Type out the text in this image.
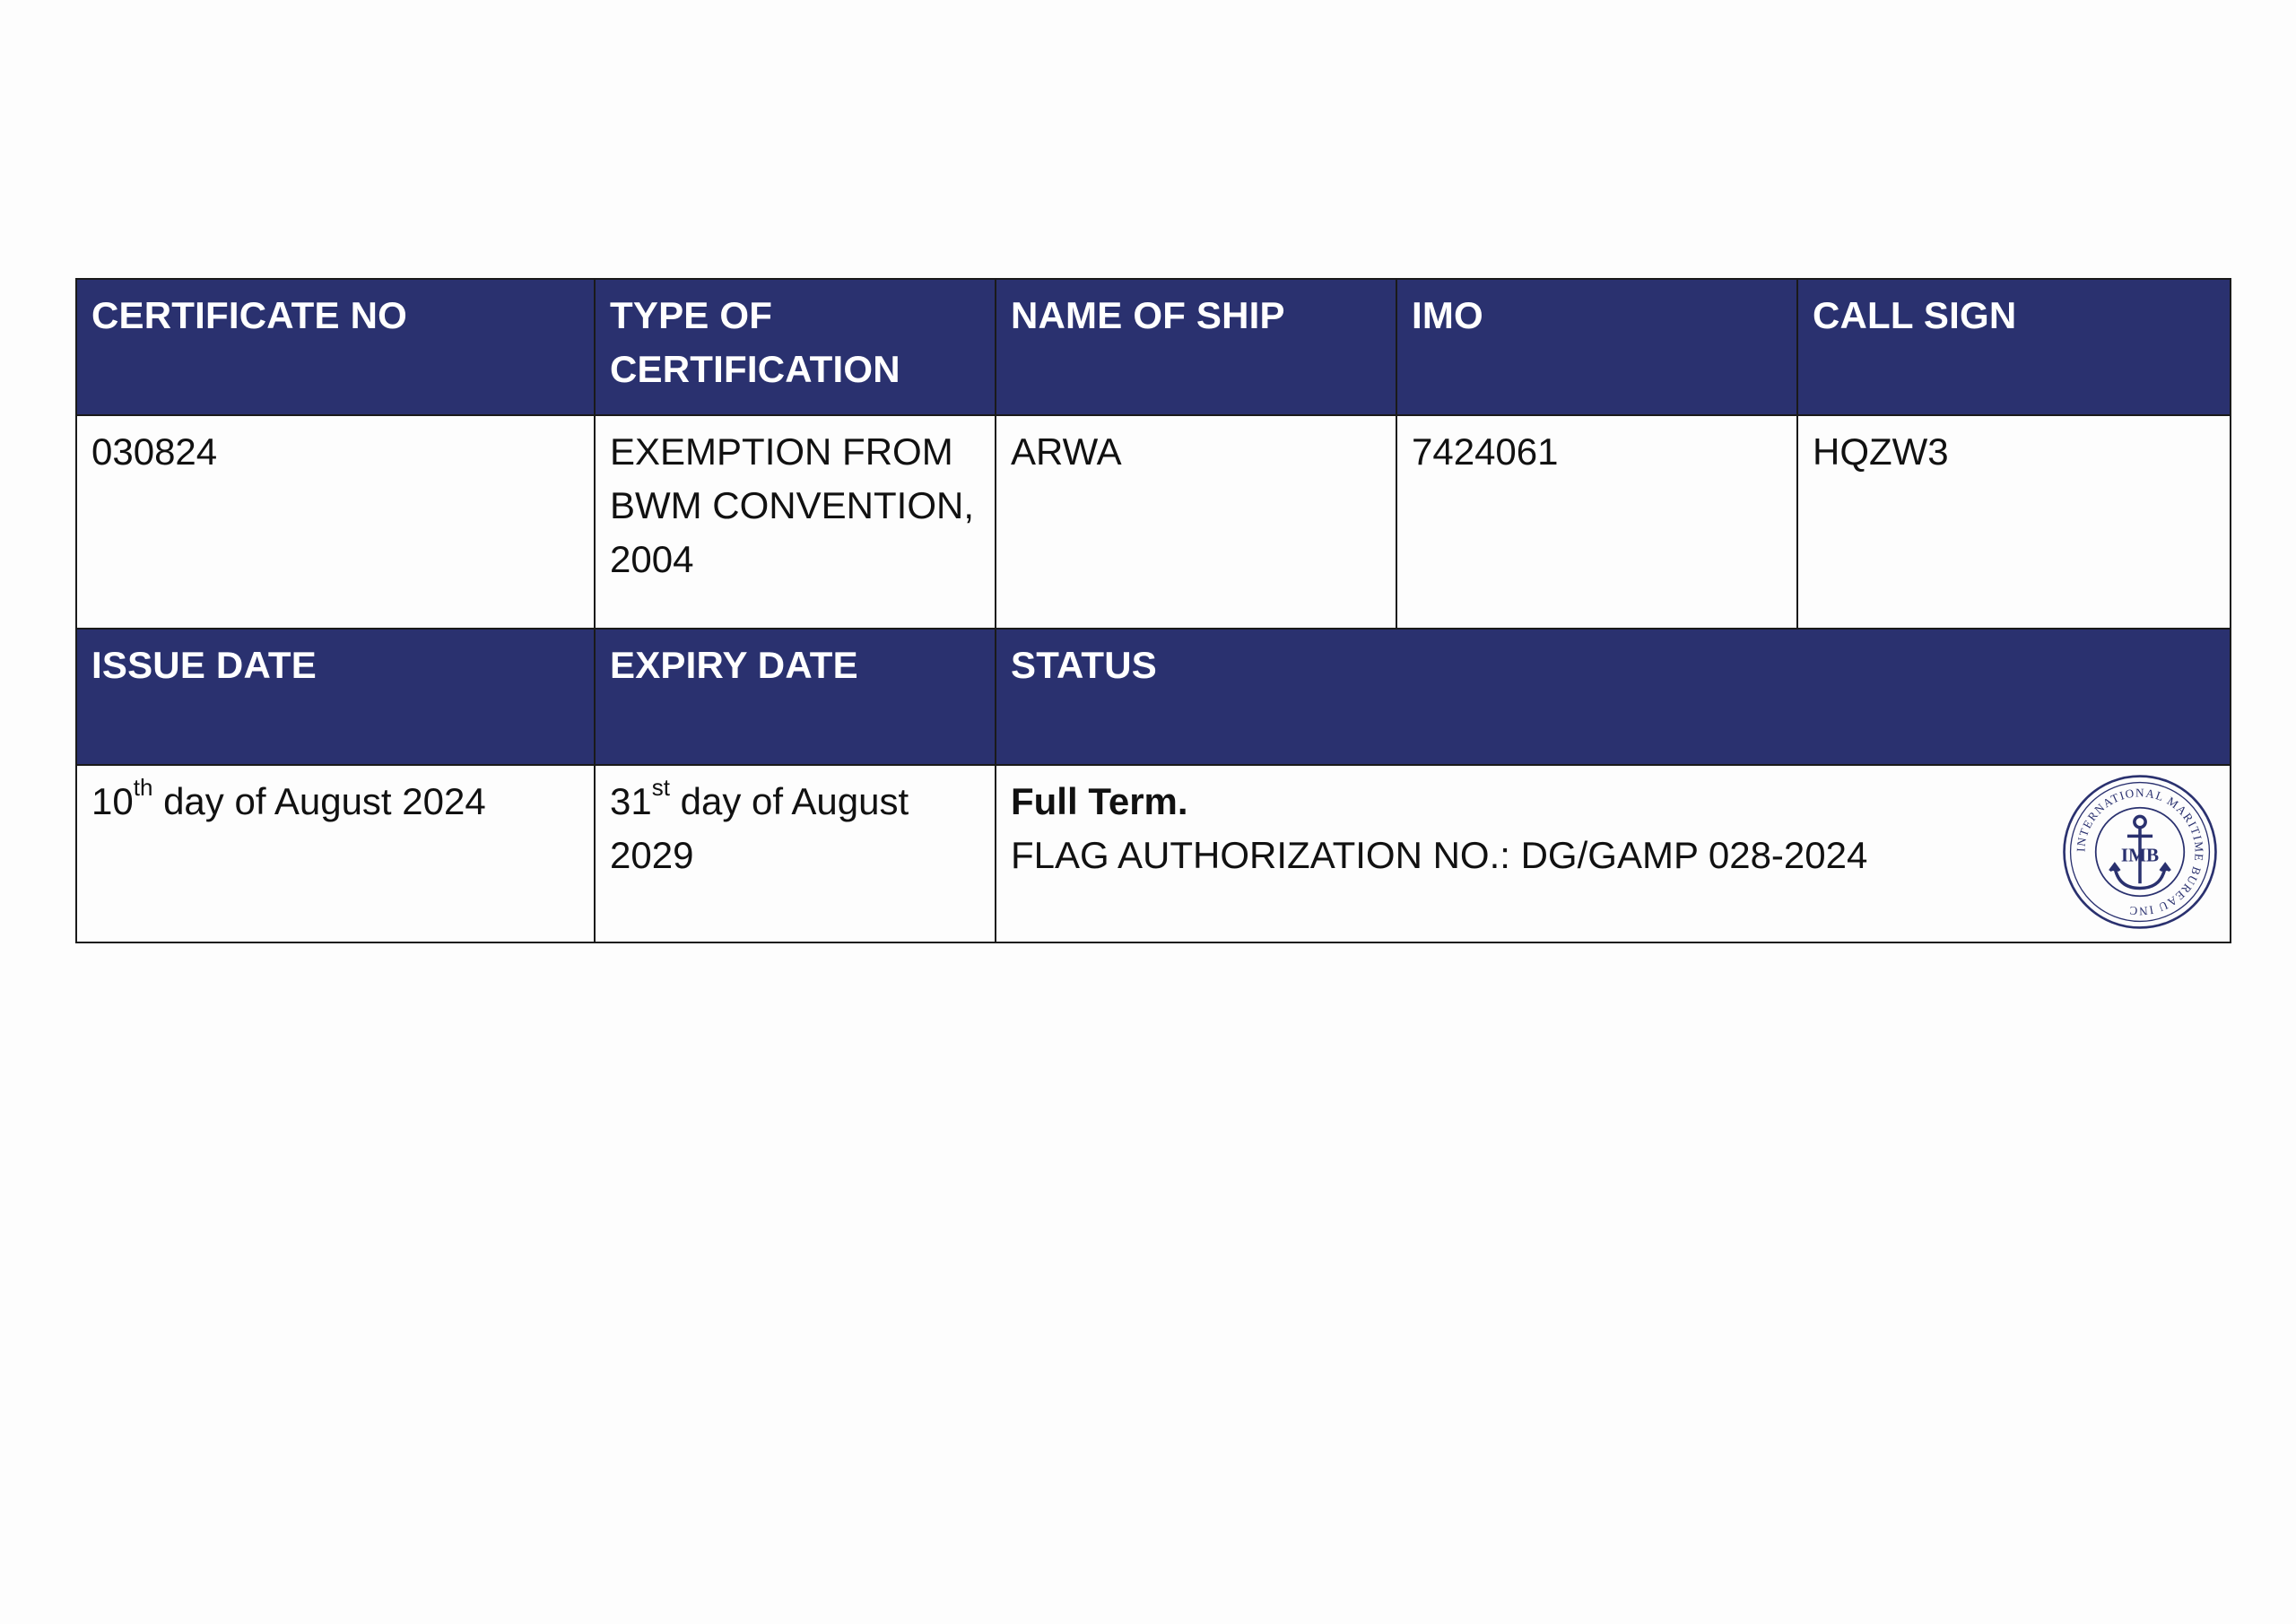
CERTIFICATE NO	TYPE OF CERTIFICATION	NAME OF SHIP	IMO	CALL SIGN
030824	EXEMPTION FROM BWM CONVENTION, 2004	ARWA	7424061	HQZW3
ISSUE DATE	EXPIRY DATE	STATUS		
10th day of August 2024	31st day of August 2029	Full Term.
FLAG AUTHORIZATION NO.: DG/GAMP 028-2024 INTERNATIONAL MARITIME BUREAU INC
IMB		
